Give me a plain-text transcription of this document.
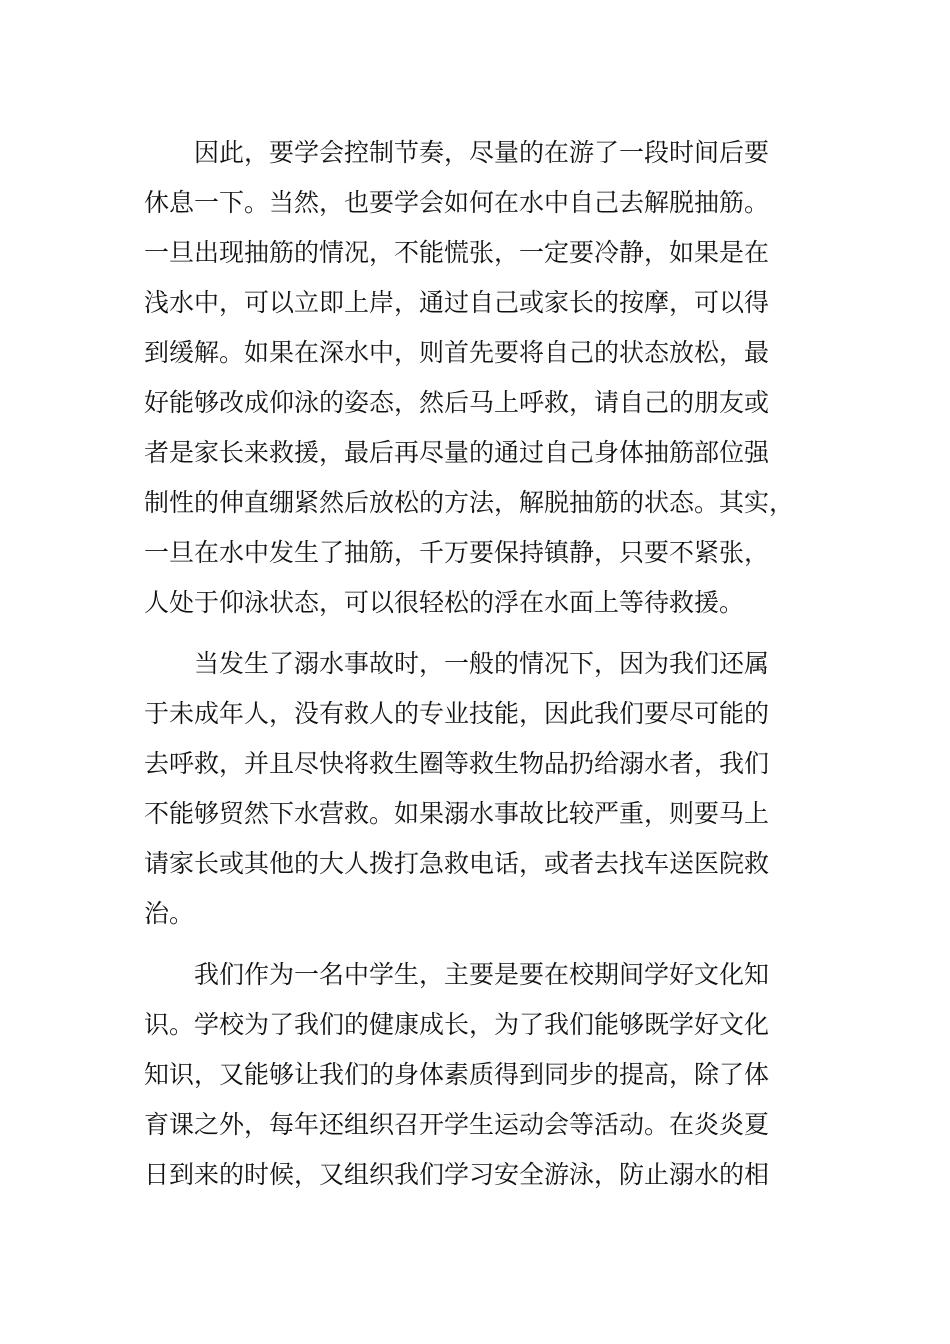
　　因此，要学会控制节奏，尽量的在游了一段时间后要
休息一下。当然，也要学会如何在水中自己去解脱抽筋。
一旦出现抽筋的情况，不能慌张，一定要冷静，如果是在
浅水中，可以立即上岸，通过自己或家长的按摩，可以得
到缓解。如果在深水中，则首先要将自己的状态放松，最
好能够改成仰泳的姿态，然后马上呼救，请自己的朋友或
者是家长来救援，最后再尽量的通过自己身体抽筋部位强
制性的伸直绷紧然后放松的方法，解脱抽筋的状态。其实，
一旦在水中发生了抽筋，千万要保持镇静，只要不紧张，
人处于仰泳状态，可以很轻松的浮在水面上等待救援。
　　当发生了溺水事故时，一般的情况下，因为我们还属
于未成年人，没有救人的专业技能，因此我们要尽可能的
去呼救，并且尽快将救生圈等救生物品扔给溺水者，我们
不能够贸然下水营救。如果溺水事故比较严重，则要马上
请家长或其他的大人拨打急救电话，或者去找车送医院救
治。
　　我们作为一名中学生，主要是要在校期间学好文化知
识。学校为了我们的健康成长，为了我们能够既学好文化
知识，又能够让我们的身体素质得到同步的提高，除了体
育课之外，每年还组织召开学生运动会等活动。在炎炎夏
日到来的时候，又组织我们学习安全游泳，防止溺水的相
